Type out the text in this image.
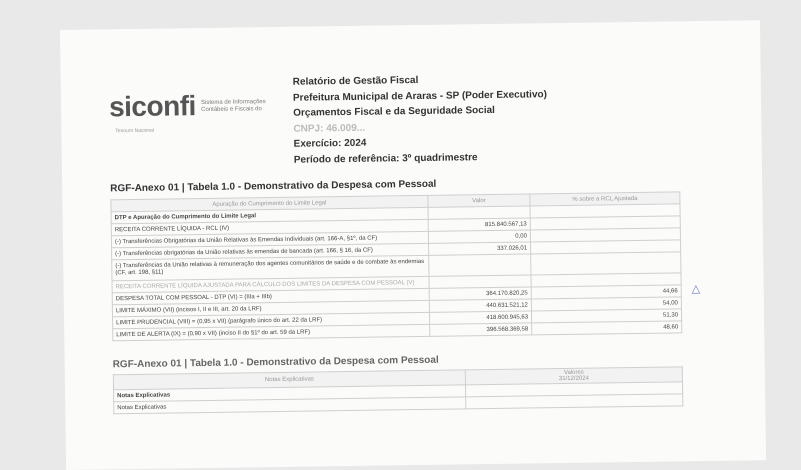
siconfi Sistema de Informações Contábeis e Fiscais do
Tesouro Nacional
Relatório de Gestão Fiscal
Prefeitura Municipal de Araras - SP (Poder Executivo)
Orçamentos Fiscal e da Seguridade Social
CNPJ: 46.009...
Exercício: 2024
Período de referência: 3º quadrimestre
RGF-Anexo 01 | Tabela 1.0 - Demonstrativo da Despesa com Pessoal
Apuração do Cumprimento do Limite Legal	Valor	% sobre a RCL Ajustada
DTP e Apuração do Cumprimento do Limite Legal		
RECEITA CORRENTE LÍQUIDA - RCL (IV)	815.840.567,13	
(-) Transferências Obrigatórias da União Relativas às Emendas Individuais (art. 166-A, §1º, da CF)	0,00	
(-) Transferências obrigatórias da União relativas às emendas de bancada (art. 166, § 16, da CF)	337.026,01	
(-) Transferências da União relativas à remuneração dos agentes comunitários de saúde e de combate às endemias (CF, art. 198, §11)		
RECEITA CORRENTE LÍQUIDA AJUSTADA PARA CÁLCULO DOS LIMITES DA DESPESA COM PESSOAL (V)		
DESPESA TOTAL COM PESSOAL - DTP (VI) = (IIIa + IIIb)	364.170.820,25	44,66
LIMITE MÁXIMO (VII) (incisos I, II e III, art. 20 da LRF)	440.631.521,12	54,00
LIMITE PRUDENCIAL (VIII) = (0,95 x VII) (parágrafo único do art. 22 da LRF)	418.600.945,63	51,30
LIMITE DE ALERTA (IX) = (0,90 x VII) (inciso II do §1º do art. 59 da LRF)	396.568.369,58	48,60
RGF-Anexo 01 | Tabela 1.0 - Demonstrativo da Despesa com Pessoal
Notas Explicativas	Valores
31/12/2024

Notas Explicativas	
Notas Explicativas	
△
